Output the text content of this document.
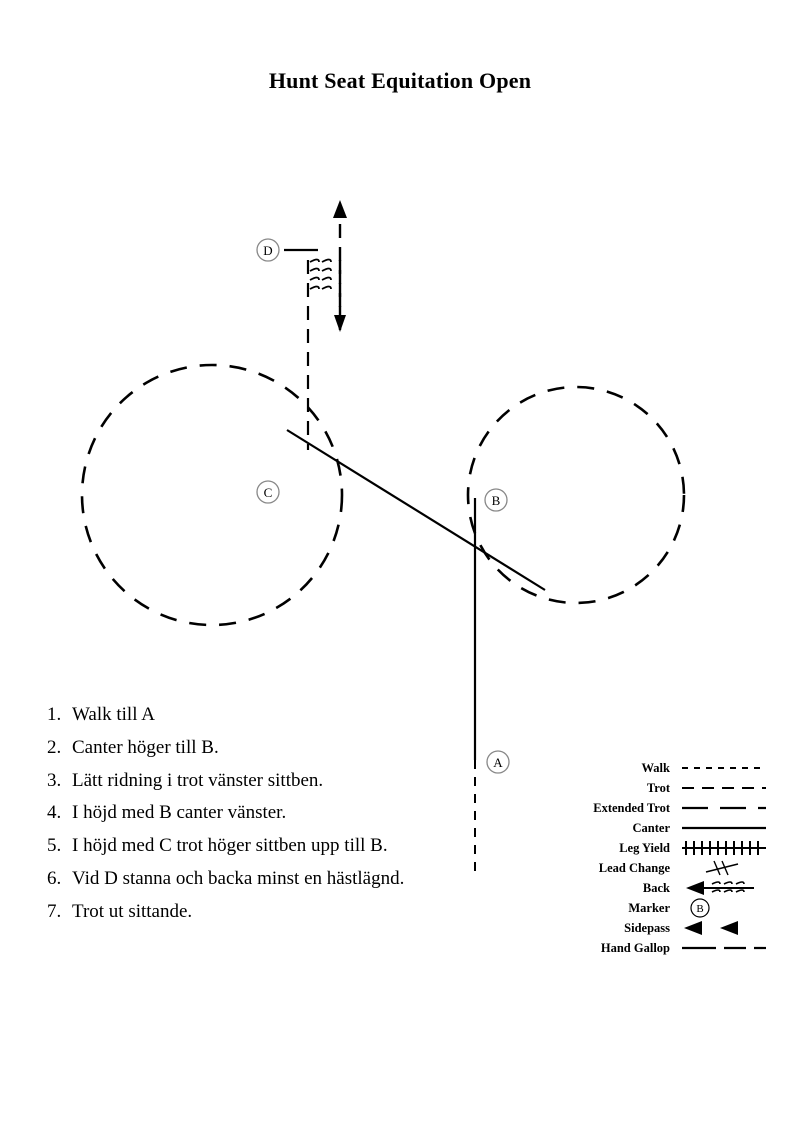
Hunt Seat Equitation Open
D
C
B
A
1. Walk till A
2. Canter höger till B.
3. Lätt ridning i trot vänster sittben.
4. I höjd med B canter vänster.
5. I höjd med C trot höger sittben upp till B.
6. Vid D stanna och backa minst en hästlägnd.
7. Trot ut sittande.
Walk
Trot
Extended Trot
Canter
Leg Yield
Lead Change
Back
Marker	B
Sidepass
Hand Gallop
